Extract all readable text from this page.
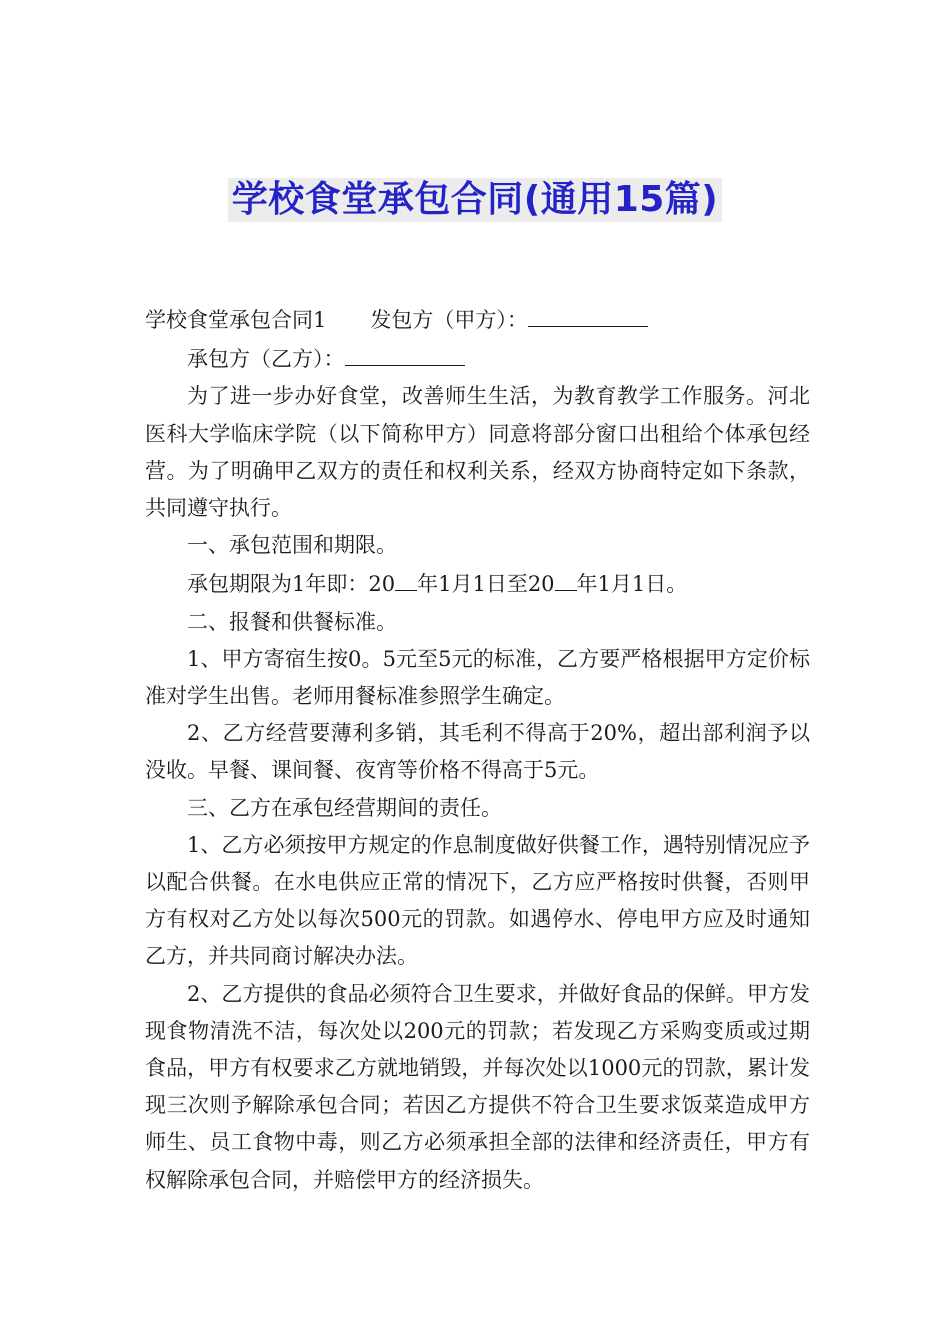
学校食堂承包合同(通用15篇)

学校食堂承包合同1 发包方（甲方）：

承包方（乙方）：

为了进一步办好食堂，改善师生生活，为教育教学工作服务。河北医科大学临床学院（以下简称甲方）同意将部分窗口出租给个体承包经营。为了明确甲乙双方的责任和权利关系，经双方协商特定如下条款，共同遵守执行。

一、承包范围和期限。

承包期限为1年即：20 年1月1日至20 年1月1日。

二、报餐和供餐标准。

1、甲方寄宿生按0。5元至5元的标准，乙方要严格根据甲方定价标准对学生出售。老师用餐标准参照学生确定。

2、乙方经营要薄利多销，其毛利不得高于20%，超出部利润予以没收。早餐、课间餐、夜宵等价格不得高于5元。

三、乙方在承包经营期间的责任。

1、乙方必须按甲方规定的作息制度做好供餐工作，遇特别情况应予以配合供餐。在水电供应正常的情况下，乙方应严格按时供餐，否则甲方有权对乙方处以每次500元的罚款。如遇停水、停电甲方应及时通知乙方，并共同商讨解决办法。

2、乙方提供的食品必须符合卫生要求，并做好食品的保鲜。甲方发现食物清洗不洁，每次处以200元的罚款；若发现乙方采购变质或过期食品，甲方有权要求乙方就地销毁，并每次处以1000元的罚款，累计发现三次则予解除承包合同；若因乙方提供不符合卫生要求饭菜造成甲方师生、员工食物中毒，则乙方必须承担全部的法律和经济责任，甲方有权解除承包合同，并赔偿甲方的经济损失。
